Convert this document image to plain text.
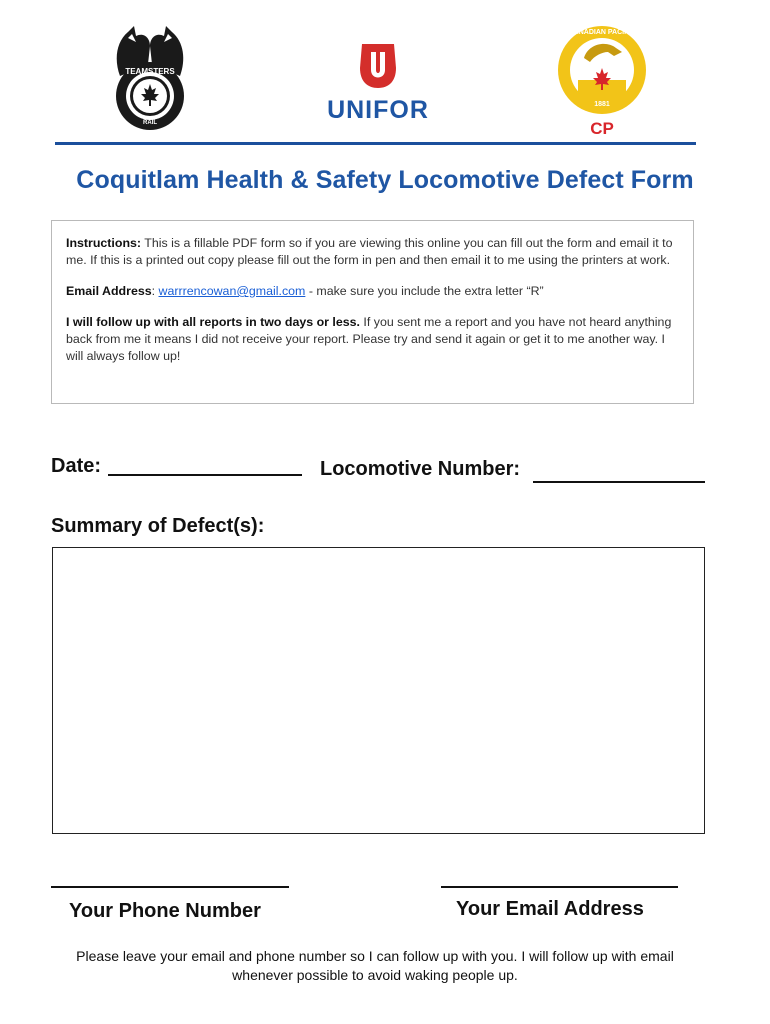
TEAMSTERS
RAIL	UNIFOR
CANADIAN PACIFIC
1881
CP
Coquitlam Health & Safety Locomotive Defect Form

Instructions: This is a fillable PDF form so if you are viewing this online you can fill out the form and email it to me. If this is a printed out copy please fill out the form in pen and then email it to me using the printers at work.

Email Address: warrrencowan@gmail.com - make sure you include the extra letter “R”

I will follow up with all reports in two days or less. If you sent me a report and you have not heard anything back from me it means I did not receive your report. Please try and send it again or get it to me another way. I will always follow up!

Date:	Locomotive Number:
Summary of Defect(s):
Your Phone Number	Your Email Address
Please leave your email and phone number so I can follow up with you. I will follow up with email whenever possible to avoid waking people up.
